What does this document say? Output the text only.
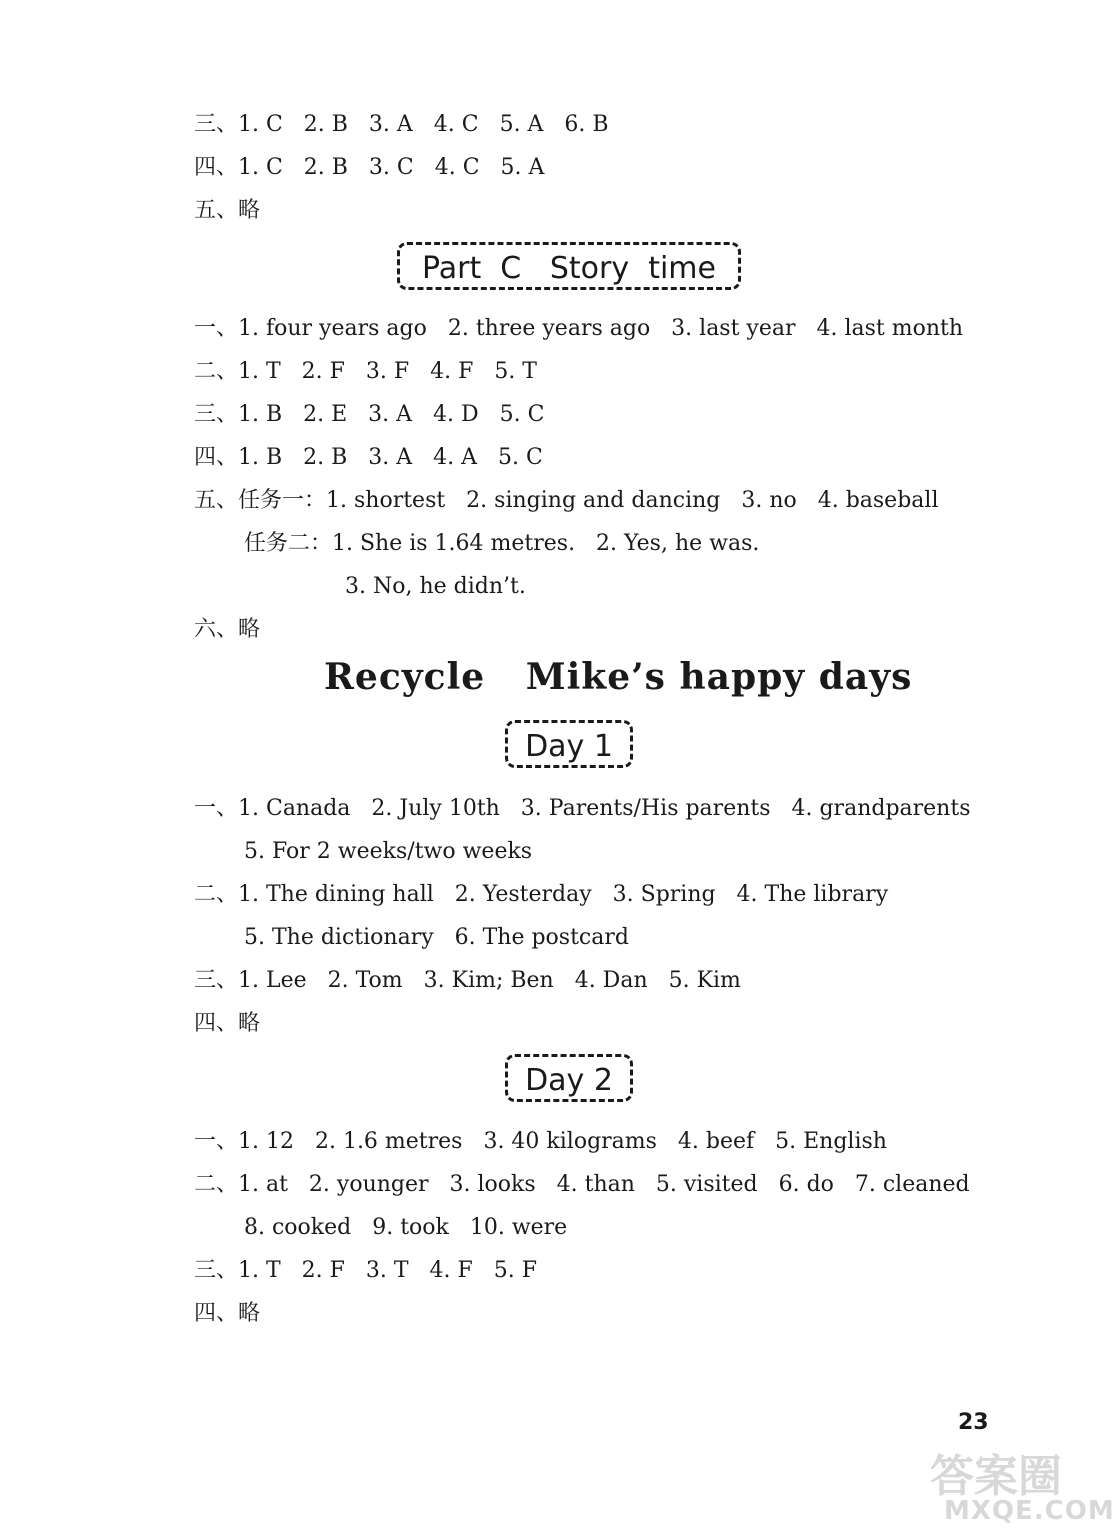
三、1. C   2. B   3. A   4. C   5. A   6. B
四、1. C   2. B   3. C   4. C   5. A
五、略
Part  C   Story  time
一、1. four years ago   2. three years ago   3. last year   4. last month
二、1. T   2. F   3. F   4. F   5. T
三、1. B   2. E   3. A   4. D   5. C
四、1. B   2. B   3. A   4. A   5. C
五、任务一：1. shortest   2. singing and dancing   3. no   4. baseball
任务二：1. She is 1.64 metres.   2. Yes, he was.
3. No, he didn’t.
六、略
Recycle   Mike’s happy days
Day 1
一、1. Canada   2. July 10th   3. Parents/His parents   4. grandparents
5. For 2 weeks/two weeks
二、1. The dining hall   2. Yesterday   3. Spring   4. The library
5. The dictionary   6. The postcard
三、1. Lee   2. Tom   3. Kim; Ben   4. Dan   5. Kim
四、略
Day 2
一、1. 12   2. 1.6 metres   3. 40 kilograms   4. beef   5. English
二、1. at   2. younger   3. looks   4. than   5. visited   6. do   7. cleaned
8. cooked   9. took   10. were
三、1. T   2. F   3. T   4. F   5. F
四、略
23
答案圈
MXQE.COM
